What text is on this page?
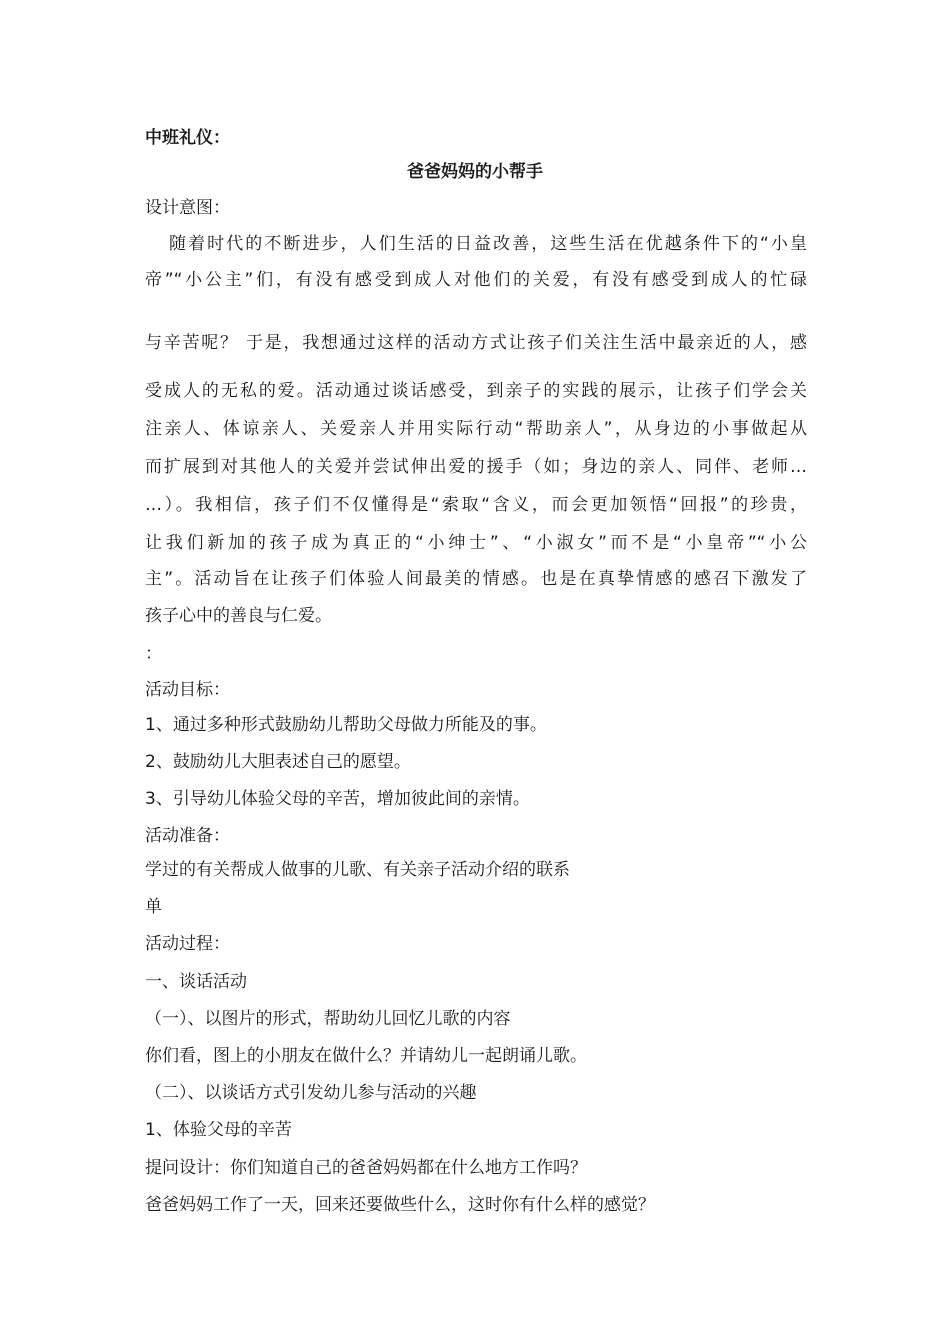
中班礼仪：
爸爸妈妈的小帮手
设计意图：
随着时代的不断进步，人们生活的日益改善，这些生活在优越条件下的“小皇
帝”“小公主”们，有没有感受到成人对他们的关爱，有没有感受到成人的忙碌
与辛苦呢？ 于是，我想通过这样的活动方式让孩子们关注生活中最亲近的人，感
受成人的无私的爱。活动通过谈话感受，到亲子的实践的展示，让孩子们学会关
注亲人、体谅亲人、关爱亲人并用实际行动“帮助亲人”，从身边的小事做起从
而扩展到对其他人的关爱并尝试伸出爱的援手（如；身边的亲人、同伴、老师…
…）。我相信，孩子们不仅懂得是“索取“含义，而会更加领悟“回报”的珍贵，
让我们新加的孩子成为真正的“小绅士”、“小淑女”而不是“小皇帝”“小公
主”。活动旨在让孩子们体验人间最美的情感。也是在真挚情感的感召下激发了
孩子心中的善良与仁爱。
：
活动目标：
1、通过多种形式鼓励幼儿帮助父母做力所能及的事。
2、鼓励幼儿大胆表述自己的愿望。
3、引导幼儿体验父母的辛苦，增加彼此间的亲情。
活动准备：
学过的有关帮成人做事的儿歌、有关亲子活动介绍的联系
单
活动过程：
一、谈话活动
（一）、以图片的形式，帮助幼儿回忆儿歌的内容
你们看，图上的小朋友在做什么？并请幼儿一起朗诵儿歌。
（二）、以谈话方式引发幼儿参与活动的兴趣
1、体验父母的辛苦
提问设计：你们知道自己的爸爸妈妈都在什么地方工作吗？
爸爸妈妈工作了一天，回来还要做些什么，这时你有什么样的感觉？
